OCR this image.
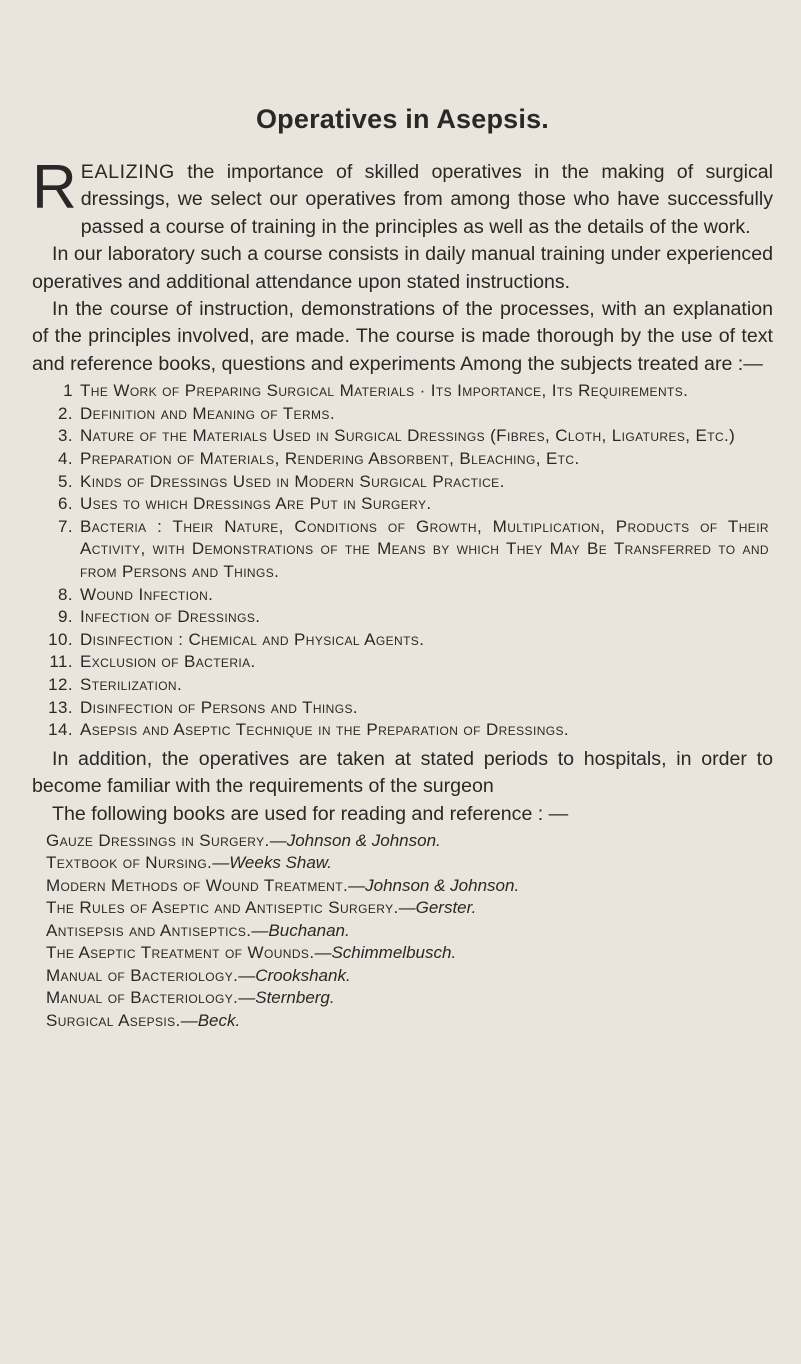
Operatives in Asepsis.

REALIZING the importance of skilled operatives in the making of surgical dressings, we select our operatives from among those who have successfully passed a course of training in the principles as well as the details of the work.

In our laboratory such a course consists in daily manual training under experienced operatives and additional attendance upon stated instructions.

In the course of instruction, demonstrations of the processes, with an explanation of the principles involved, are made. The course is made thorough by the use of text and reference books, questions and experiments Among the subjects treated are :—

1 The Work of Preparing Surgical Materials · Its Importance, Its Requirements.
2. Definition and Meaning of Terms.
3. Nature of the Materials Used in Surgical Dressings (Fibres, Cloth, Ligatures, Etc.)
4. Preparation of Materials, Rendering Absorbent, Bleaching, Etc.
5. Kinds of Dressings Used in Modern Surgical Practice.
6. Uses to which Dressings Are Put in Surgery.
7. Bacteria : Their Nature, Conditions of Growth, Multiplication, Products of Their Activity, with Demonstrations of the Means by which They May Be Transferred to and from Persons and Things.
8. Wound Infection.
9. Infection of Dressings.
10. Disinfection : Chemical and Physical Agents.
11. Exclusion of Bacteria.
12. Sterilization.
13. Disinfection of Persons and Things.
14. Asepsis and Aseptic Technique in the Preparation of Dressings.

In addition, the operatives are taken at stated periods to hospitals, in order to become familiar with the requirements of the surgeon

The following books are used for reading and reference : —

Gauze Dressings in Surgery.—Johnson & Johnson.
Textbook of Nursing.—Weeks Shaw.
Modern Methods of Wound Treatment.—Johnson & Johnson.
The Rules of Aseptic and Antiseptic Surgery.—Gerster.
Antisepsis and Antiseptics.—Buchanan.
The Aseptic Treatment of Wounds.—Schimmelbusch.
Manual of Bacteriology.—Crookshank.
Manual of Bacteriology.—Sternberg.
Surgical Asepsis.—Beck.
